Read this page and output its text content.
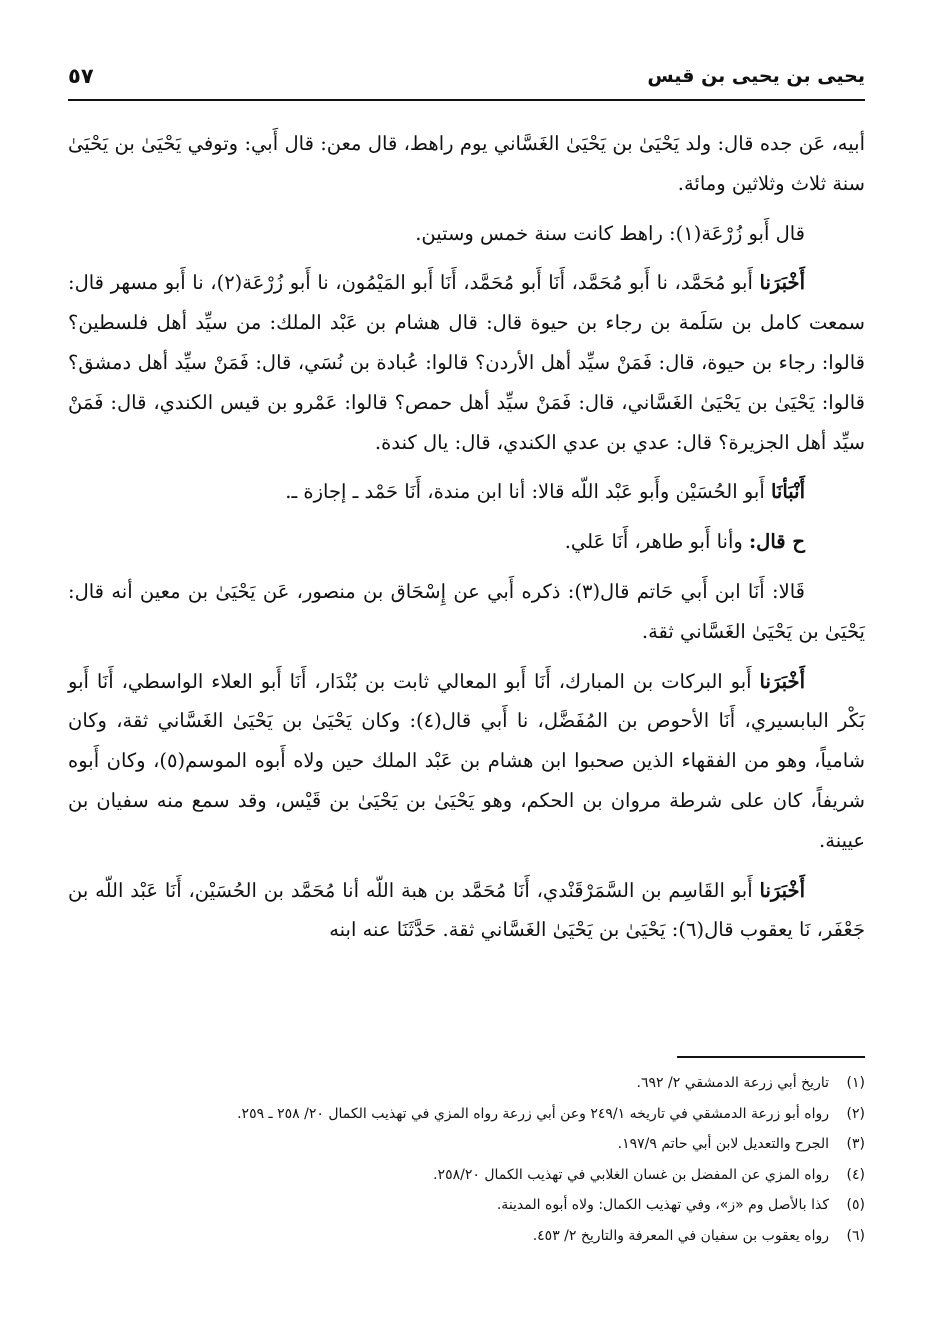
يحيى بن يحيى بن قيس
٥٧

أبيه، عَن جده قال: ولد يَحْيَىٰ بن يَحْيَىٰ الغَسَّاني يوم راهط، قال معن: قال أَبي: وتوفي يَحْيَىٰ بن يَحْيَىٰ سنة ثلاث وثلاثين ومائة.

قال أَبو زُرْعَة(١): راهط كانت سنة خمس وستين.

أَخْبَرَنا أَبو مُحَمَّد، نا أَبو مُحَمَّد، أَنَا أَبو مُحَمَّد، أَنَا أَبو المَيْمُون، نا أَبو زُرْعَة(٢)، نا أَبو مسهر قال: سمعت كامل بن سَلَمة بن رجاء بن حيوة قال: قال هشام بن عَبْد الملك: من سيِّد أهل فلسطين؟ قالوا: رجاء بن حيوة، قال: فَمَنْ سيِّد أهل الأردن؟ قالوا: عُبادة بن نُسَي، قال: فَمَنْ سيِّد أهل دمشق؟ قالوا: يَحْيَىٰ بن يَحْيَىٰ الغَسَّاني، قال: فَمَنْ سيِّد أهل حمص؟ قالوا: عَمْرو بن قيس الكندي، قال: فَمَنْ سيِّد أهل الجزيرة؟ قال: عدي بن عدي الكندي، قال: يال كندة.

أَنْبَأنَا أَبو الحُسَيْن وأَبو عَبْد اللّه قالا: أنا ابن مندة، أَنَا حَمْد ـ إجازة ـ.

ح قال: وأنا أَبو طاهر، أَنَا عَلي.

قَالا: أَنَا ابن أَبي حَاتم قال(٣): ذكره أَبي عن إِسْحَاق بن منصور، عَن يَحْيَىٰ بن معين أنه قال: يَحْيَىٰ بن يَحْيَىٰ الغَسَّاني ثقة.

أَخْبَرَنا أَبو البركات بن المبارك، أَنَا أَبو المعالي ثابت بن بُنْدَار، أَنَا أَبو العلاء الواسطي، أَنَا أَبو بَكْر البابسيري، أَنَا الأحوص بن المُفَضَّل، نا أَبي قال(٤): وكان يَحْيَىٰ بن يَحْيَىٰ الغَسَّاني ثقة، وكان شامياً، وهو من الفقهاء الذين صحبوا ابن هشام بن عَبْد الملك حين ولاه أَبوه الموسم(٥)، وكان أَبوه شريفاً، كان على شرطة مروان بن الحكم، وهو يَحْيَىٰ بن يَحْيَىٰ بن قَيْس، وقد سمع منه سفيان بن عيينة.

أَخْبَرَنا أَبو القَاسِم بن السَّمَرْقَنْدي، أَنَا مُحَمَّد بن هبة اللّه أنا مُحَمَّد بن الحُسَيْن، أَنَا عَبْد اللّه بن جَعْفَر، نَا يعقوب قال(٦): يَحْيَىٰ بن يَحْيَىٰ الغَسَّاني ثقة. حَدَّثَنَا عنه ابنه

(١)
تاريخ أبي زرعة الدمشقي ٢/ ٦٩٢.
(٢)
رواه أبو زرعة الدمشقي في تاريخه ٢٤٩/١ وعن أبي زرعة رواه المزي في تهذيب الكمال ٢٠/ ٢٥٨ ـ ٢٥٩.
(٣)
الجرح والتعديل لابن أبي حاتم ١٩٧/٩.
(٤)
رواه المزي عن المفضل بن غسان الغلابي في تهذيب الكمال ٢٥٨/٢٠.
(٥)
كذا بالأصل وم «ز»، وفي تهذيب الكمال: ولاه أبوه المدينة.
(٦)
رواه يعقوب بن سفيان في المعرفة والتاريخ ٢/ ٤٥٣.
